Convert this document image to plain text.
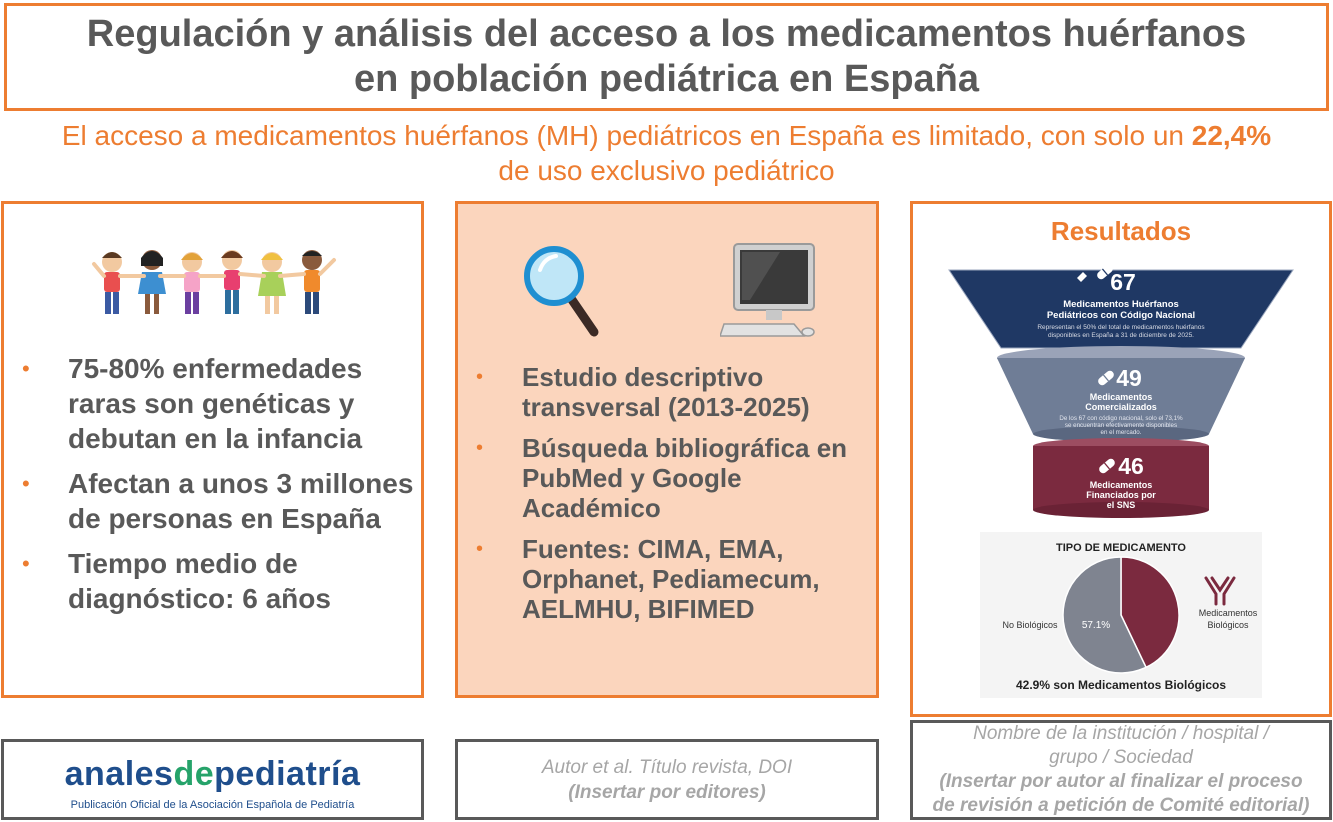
Regulación y análisis del acceso a los medicamentos huérfanos
en población pediátrica en España
El acceso a medicamentos huérfanos (MH) pediátricos en España es limitado, con solo un 22,4%
de uso exclusivo pediátrico
• 75-80% enfermedades raras son genéticas y debutan en la infancia
• Afectan a unos 3 millones de personas en España
• Tiempo medio de diagnóstico: 6 años
• Estudio descriptivo transversal (2013-2025)
• Búsqueda bibliográfica en PubMed y Google Académico
• Fuentes: CIMA, EMA, Orphanet, Pediamecum, AELMHU, BIFIMED
Resultados
67
Medicamentos Huérfanos
Pediátricos con Código Nacional
Representan el 50% del total de medicamentos huérfanos
disponibles en España a 31 de diciembre de 2025.
49
Medicamentos
Comercializados
De los 67 con código nacional, solo el 73,1%
se encuentran efectivamente disponibles
en el mercado.
46
Medicamentos
Financiados por
el SNS
TIPO DE MEDICAMENTO
No Biológicos 57.1%
Medicamentos
Biológicos
42.9% son Medicamentos Biológicos
analesdepediatría
Publicación Oficial de la Asociación Española de Pediatría
Autor et al. Título revista, DOI
(Insertar por editores)
Nombre de la institución / hospital /
grupo / Sociedad
(Insertar por autor al finalizar el proceso
de revisión a petición de Comité editorial)
